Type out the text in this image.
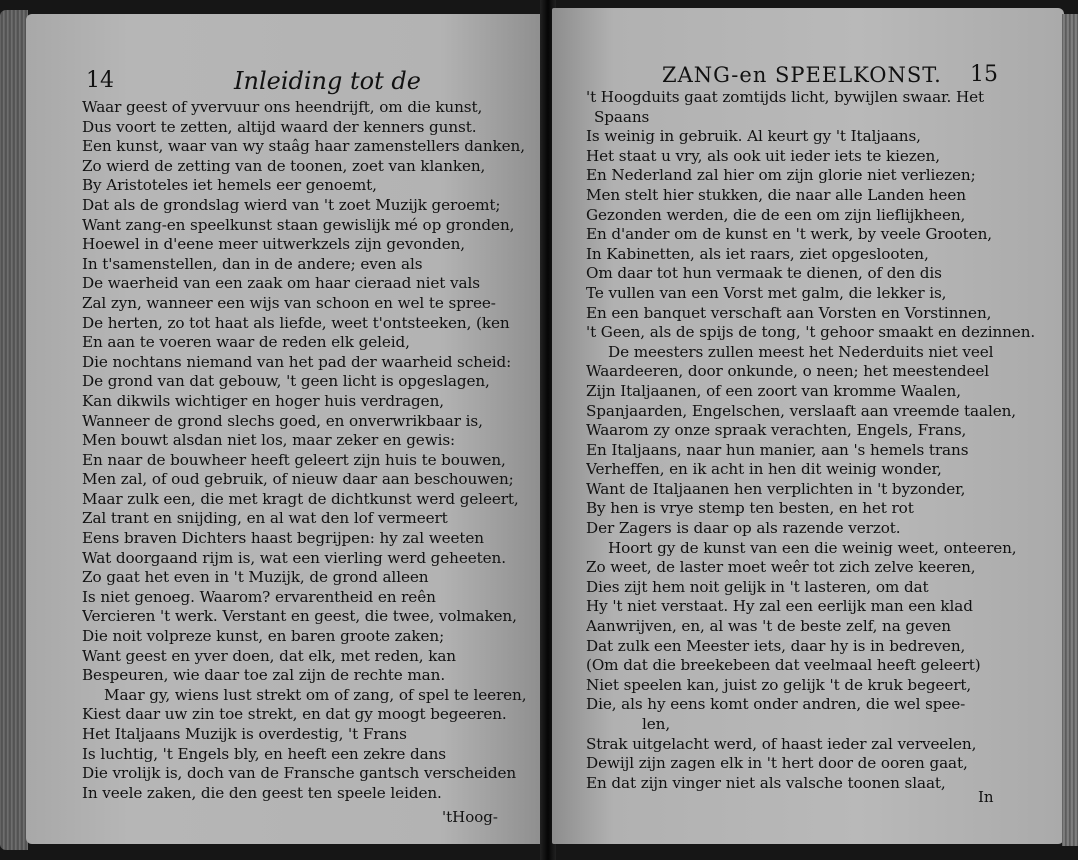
14	Inleiding tot de
Waar geest of yvervuur ons heendrijft, om die kunst,
Dus voort te zetten, altijd waard der kenners gunst.
Een kunst, waar van wy staâg haar zamenstellers danken,
Zo wierd de zetting van de toonen, zoet van klanken,
By Aristoteles iet hemels eer genoemt,
Dat als de grondslag wierd van 't zoet Muzijk geroemt;
Want zang-en speelkunst staan gewislijk mé op gronden,
Hoewel in d'eene meer uitwerkzels zijn gevonden,
In t'samenstellen, dan in de andere; even als
De waerheid van een zaak om haar cieraad niet vals
Zal zyn, wanneer een wijs van schoon en wel te spree-
De herten, zo tot haat als liefde, weet t'ontsteeken, (ken
En aan te voeren waar de reden elk geleid,
Die nochtans niemand van het pad der waarheid scheid:
De grond van dat gebouw, 't geen licht is opgeslagen,
Kan dikwils wichtiger en hoger huis verdragen,
Wanneer de grond slechs goed, en onverwrikbaar is,
Men bouwt alsdan niet los, maar zeker en gewis:
En naar de bouwheer heeft geleert zijn huis te bouwen,
Men zal, of oud gebruik, of nieuw daar aan beschouwen;
Maar zulk een, die met kragt de dichtkunst werd geleert,
Zal trant en snijding, en al wat den lof vermeert
Eens braven Dichters haast begrijpen: hy zal weeten
Wat doorgaand rijm is, wat een vierling werd geheeten.
Zo gaat het even in 't Muzijk, de grond alleen
Is niet genoeg. Waarom? ervarentheid en reên
Vercieren 't werk. Verstant en geest, die twee, volmaken,
Die noit volpreze kunst, en baren groote zaken;
Want geest en yver doen, dat elk, met reden, kan
Bespeuren, wie daar toe zal zijn de rechte man.
Maar gy, wiens lust strekt om of zang, of spel te leeren,
Kiest daar uw zin toe strekt, en dat gy moogt begeeren.
Het Italjaans Muzijk is overdestig, 't Frans
Is luchtig, 't Engels bly, en heeft een zekre dans
Die vrolijk is, doch van de Fransche gantsch verscheiden
In veele zaken, die den geest ten speele leiden.
'tHoog-
ZANG-en SPEELKONST. 15
't Hoogduits gaat zomtijds licht, bywijlen swaar. Het
Spaans
Is weinig in gebruik. Al keurt gy 't Italjaans,
Het staat u vry, als ook uit ieder iets te kiezen,
En Nederland zal hier om zijn glorie niet verliezen;
Men stelt hier stukken, die naar alle Landen heen
Gezonden werden, die de een om zijn lieflijkheen,
En d'ander om de kunst en 't werk, by veele Grooten,
In Kabinetten, als iet raars, ziet opgeslooten,
Om daar tot hun vermaak te dienen, of den dis
Te vullen van een Vorst met galm, die lekker is,
En een banquet verschaft aan Vorsten en Vorstinnen,
't Geen, als de spijs de tong, 't gehoor smaakt en dezinnen.
De meesters zullen meest het Nederduits niet veel
Waardeeren, door onkunde, o neen; het meestendeel
Zijn Italjaanen, of een zoort van kromme Waalen,
Spanjaarden, Engelschen, verslaaft aan vreemde taalen,
Waarom zy onze spraak verachten, Engels, Frans,
En Italjaans, naar hun manier, aan 's hemels trans
Verheffen, en ik acht in hen dit weinig wonder,
Want de Italjaanen hen verplichten in 't byzonder,
By hen is vrye stemp ten besten, en het rot
Der Zagers is daar op als razende verzot.
Hoort gy de kunst van een die weinig weet, onteeren,
Zo weet, de laster moet weêr tot zich zelve keeren,
Dies zijt hem noit gelijk in 't lasteren, om dat
Hy 't niet verstaat. Hy zal een eerlijk man een klad
Aanwrijven, en, al was 't de beste zelf, na geven
Dat zulk een Meester iets, daar hy is in bedreven,
(Om dat die breekebeen dat veelmaal heeft geleert)
Niet speelen kan, juist zo gelijk 't de kruk begeert,
Die, als hy eens komt onder andren, die wel spee-
len,
Strak uitgelacht werd, of haast ieder zal verveelen,
Dewijl zijn zagen elk in 't hert door de ooren gaat,
En dat zijn vinger niet als valsche toonen slaat,
In
